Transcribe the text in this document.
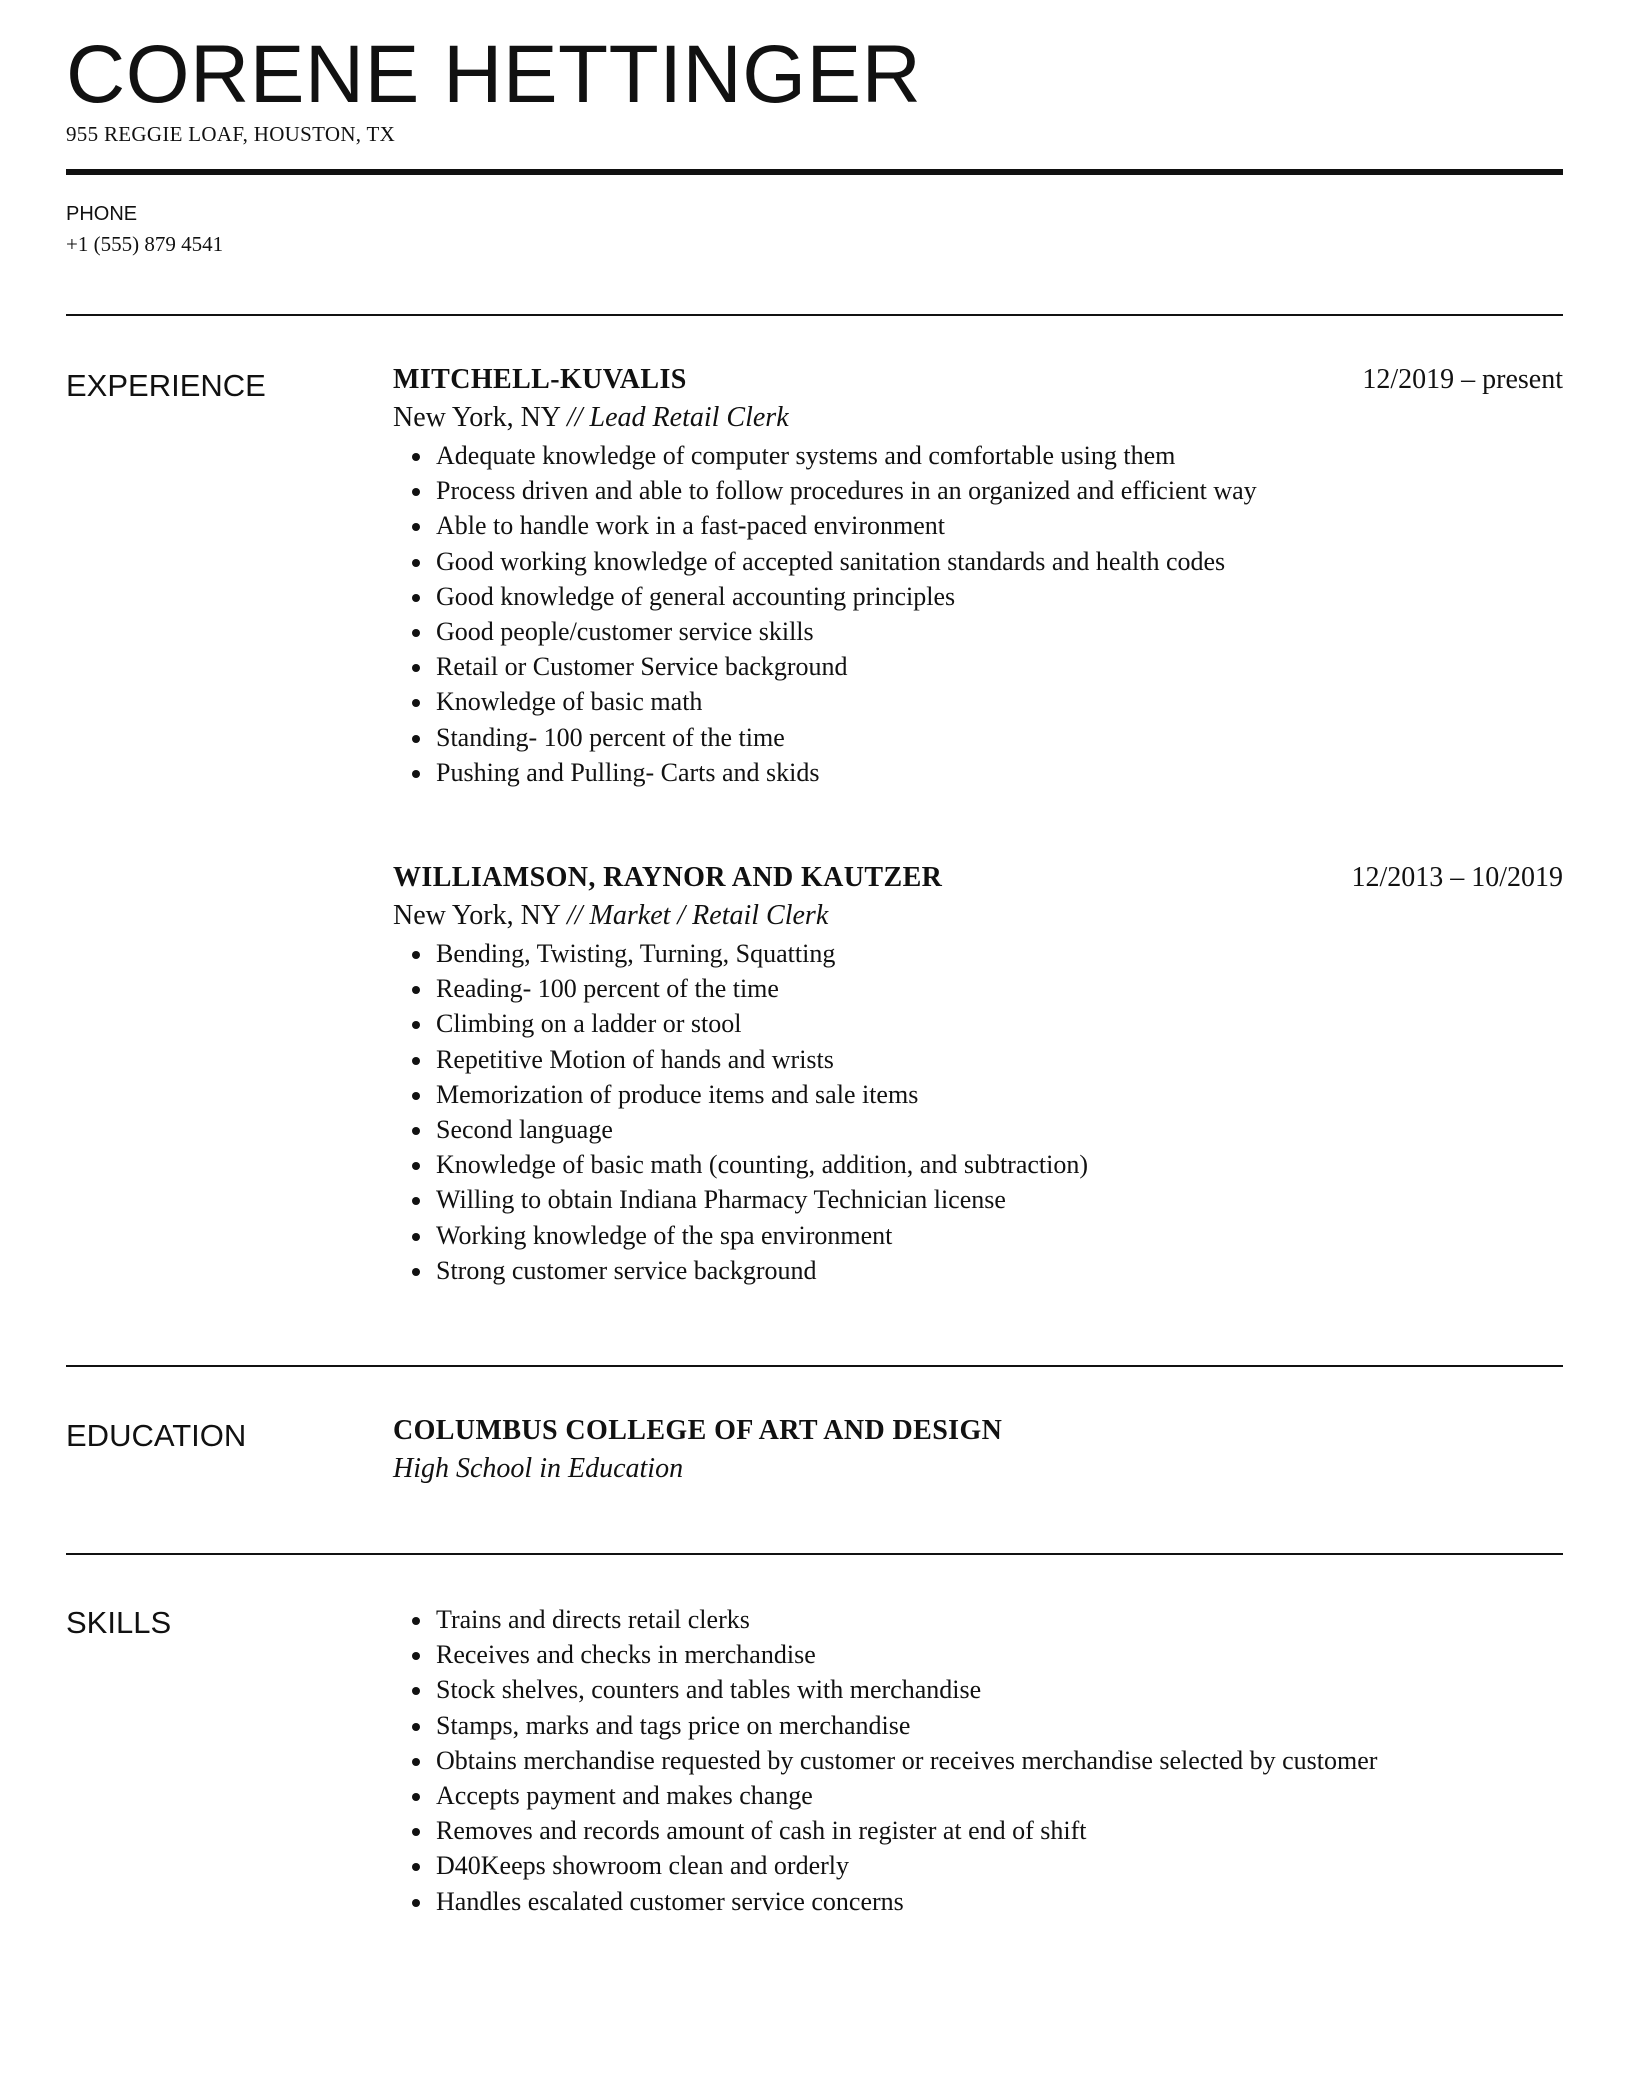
CORENE HETTINGER
955 REGGIE LOAF, HOUSTON, TX
PHONE
+1 (555) 879 4541
EXPERIENCE	MITCHELL-KUVALIS	12/2019 – present
New York, NY // Lead Retail Clerk
Adequate knowledge of computer systems and comfortable using them
Process driven and able to follow procedures in an organized and efficient way
Able to handle work in a fast-paced environment
Good working knowledge of accepted sanitation standards and health codes
Good knowledge of general accounting principles
Good people/customer service skills
Retail or Customer Service background
Knowledge of basic math
Standing- 100 percent of the time
Pushing and Pulling- Carts and skids
WILLIAMSON, RAYNOR AND KAUTZER	12/2013 – 10/2019
New York, NY // Market / Retail Clerk
Bending, Twisting, Turning, Squatting
Reading- 100 percent of the time
Climbing on a ladder or stool
Repetitive Motion of hands and wrists
Memorization of produce items and sale items
Second language
Knowledge of basic math (counting, addition, and subtraction)
Willing to obtain Indiana Pharmacy Technician license
Working knowledge of the spa environment
Strong customer service background
EDUCATION	COLUMBUS COLLEGE OF ART AND DESIGN
High School in Education
SKILLS	Trains and directs retail clerks
Receives and checks in merchandise
Stock shelves, counters and tables with merchandise
Stamps, marks and tags price on merchandise
Obtains merchandise requested by customer or receives merchandise selected by customer
Accepts payment and makes change
Removes and records amount of cash in register at end of shift
D40Keeps showroom clean and orderly
Handles escalated customer service concerns
